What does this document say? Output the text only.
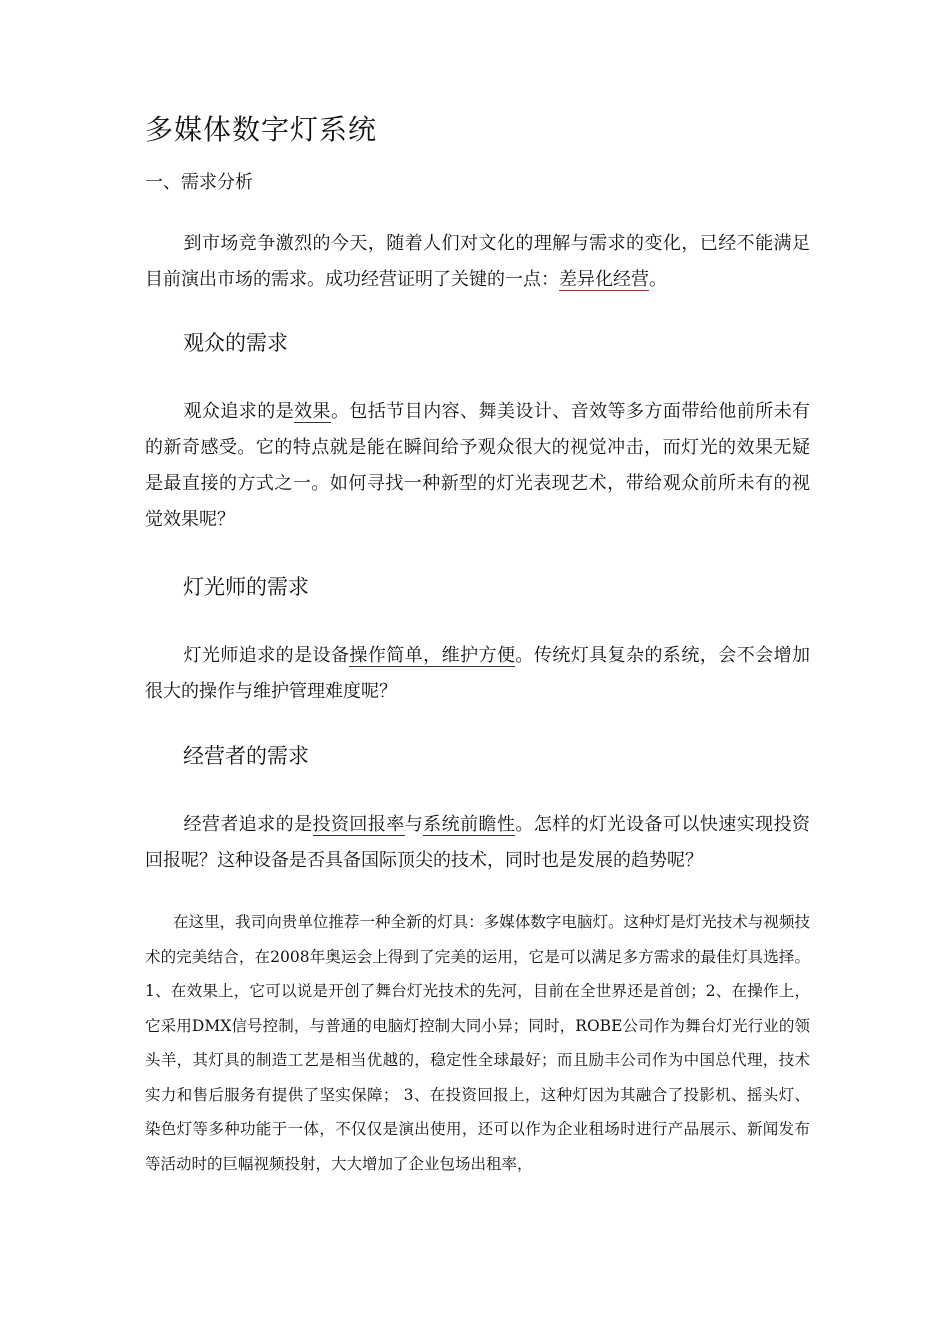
多媒体数字灯系统
一、需求分析

到市场竞争激烈的今天，随着人们对文化的理解与需求的变化，已经不能满足目前演出市场的需求。成功经营证明了关键的一点：差异化经营。

观众的需求

观众追求的是效果。包括节目内容、舞美设计、音效等多方面带给他前所未有的新奇感受。它的特点就是能在瞬间给予观众很大的视觉冲击，而灯光的效果无疑是最直接的方式之一。如何寻找一种新型的灯光表现艺术，带给观众前所未有的视觉效果呢？

灯光师的需求

灯光师追求的是设备操作简单，维护方便。传统灯具复杂的系统，会不会增加很大的操作与维护管理难度呢？

经营者的需求

经营者追求的是投资回报率与系统前瞻性。怎样的灯光设备可以快速实现投资回报呢？这种设备是否具备国际顶尖的技术，同时也是发展的趋势呢？

在这里，我司向贵单位推荐一种全新的灯具：多媒体数字电脑灯。这种灯是灯光技术与视频技术的完美结合，在2008年奥运会上得到了完美的运用，它是可以满足多方需求的最佳灯具选择。1、在效果上，它可以说是开创了舞台灯光技术的先河，目前在全世界还是首创；2、在操作上，它采用DMX信号控制，与普通的电脑灯控制大同小异；同时，ROBE公司作为舞台灯光行业的领头羊，其灯具的制造工艺是相当优越的，稳定性全球最好；而且励丰公司作为中国总代理，技术实力和售后服务有提供了坚实保障； 3、在投资回报上，这种灯因为其融合了投影机、摇头灯、染色灯等多种功能于一体，不仅仅是演出使用，还可以作为企业租场时进行产品展示、新闻发布等活动时的巨幅视频投射，大大增加了企业包场出租率，
